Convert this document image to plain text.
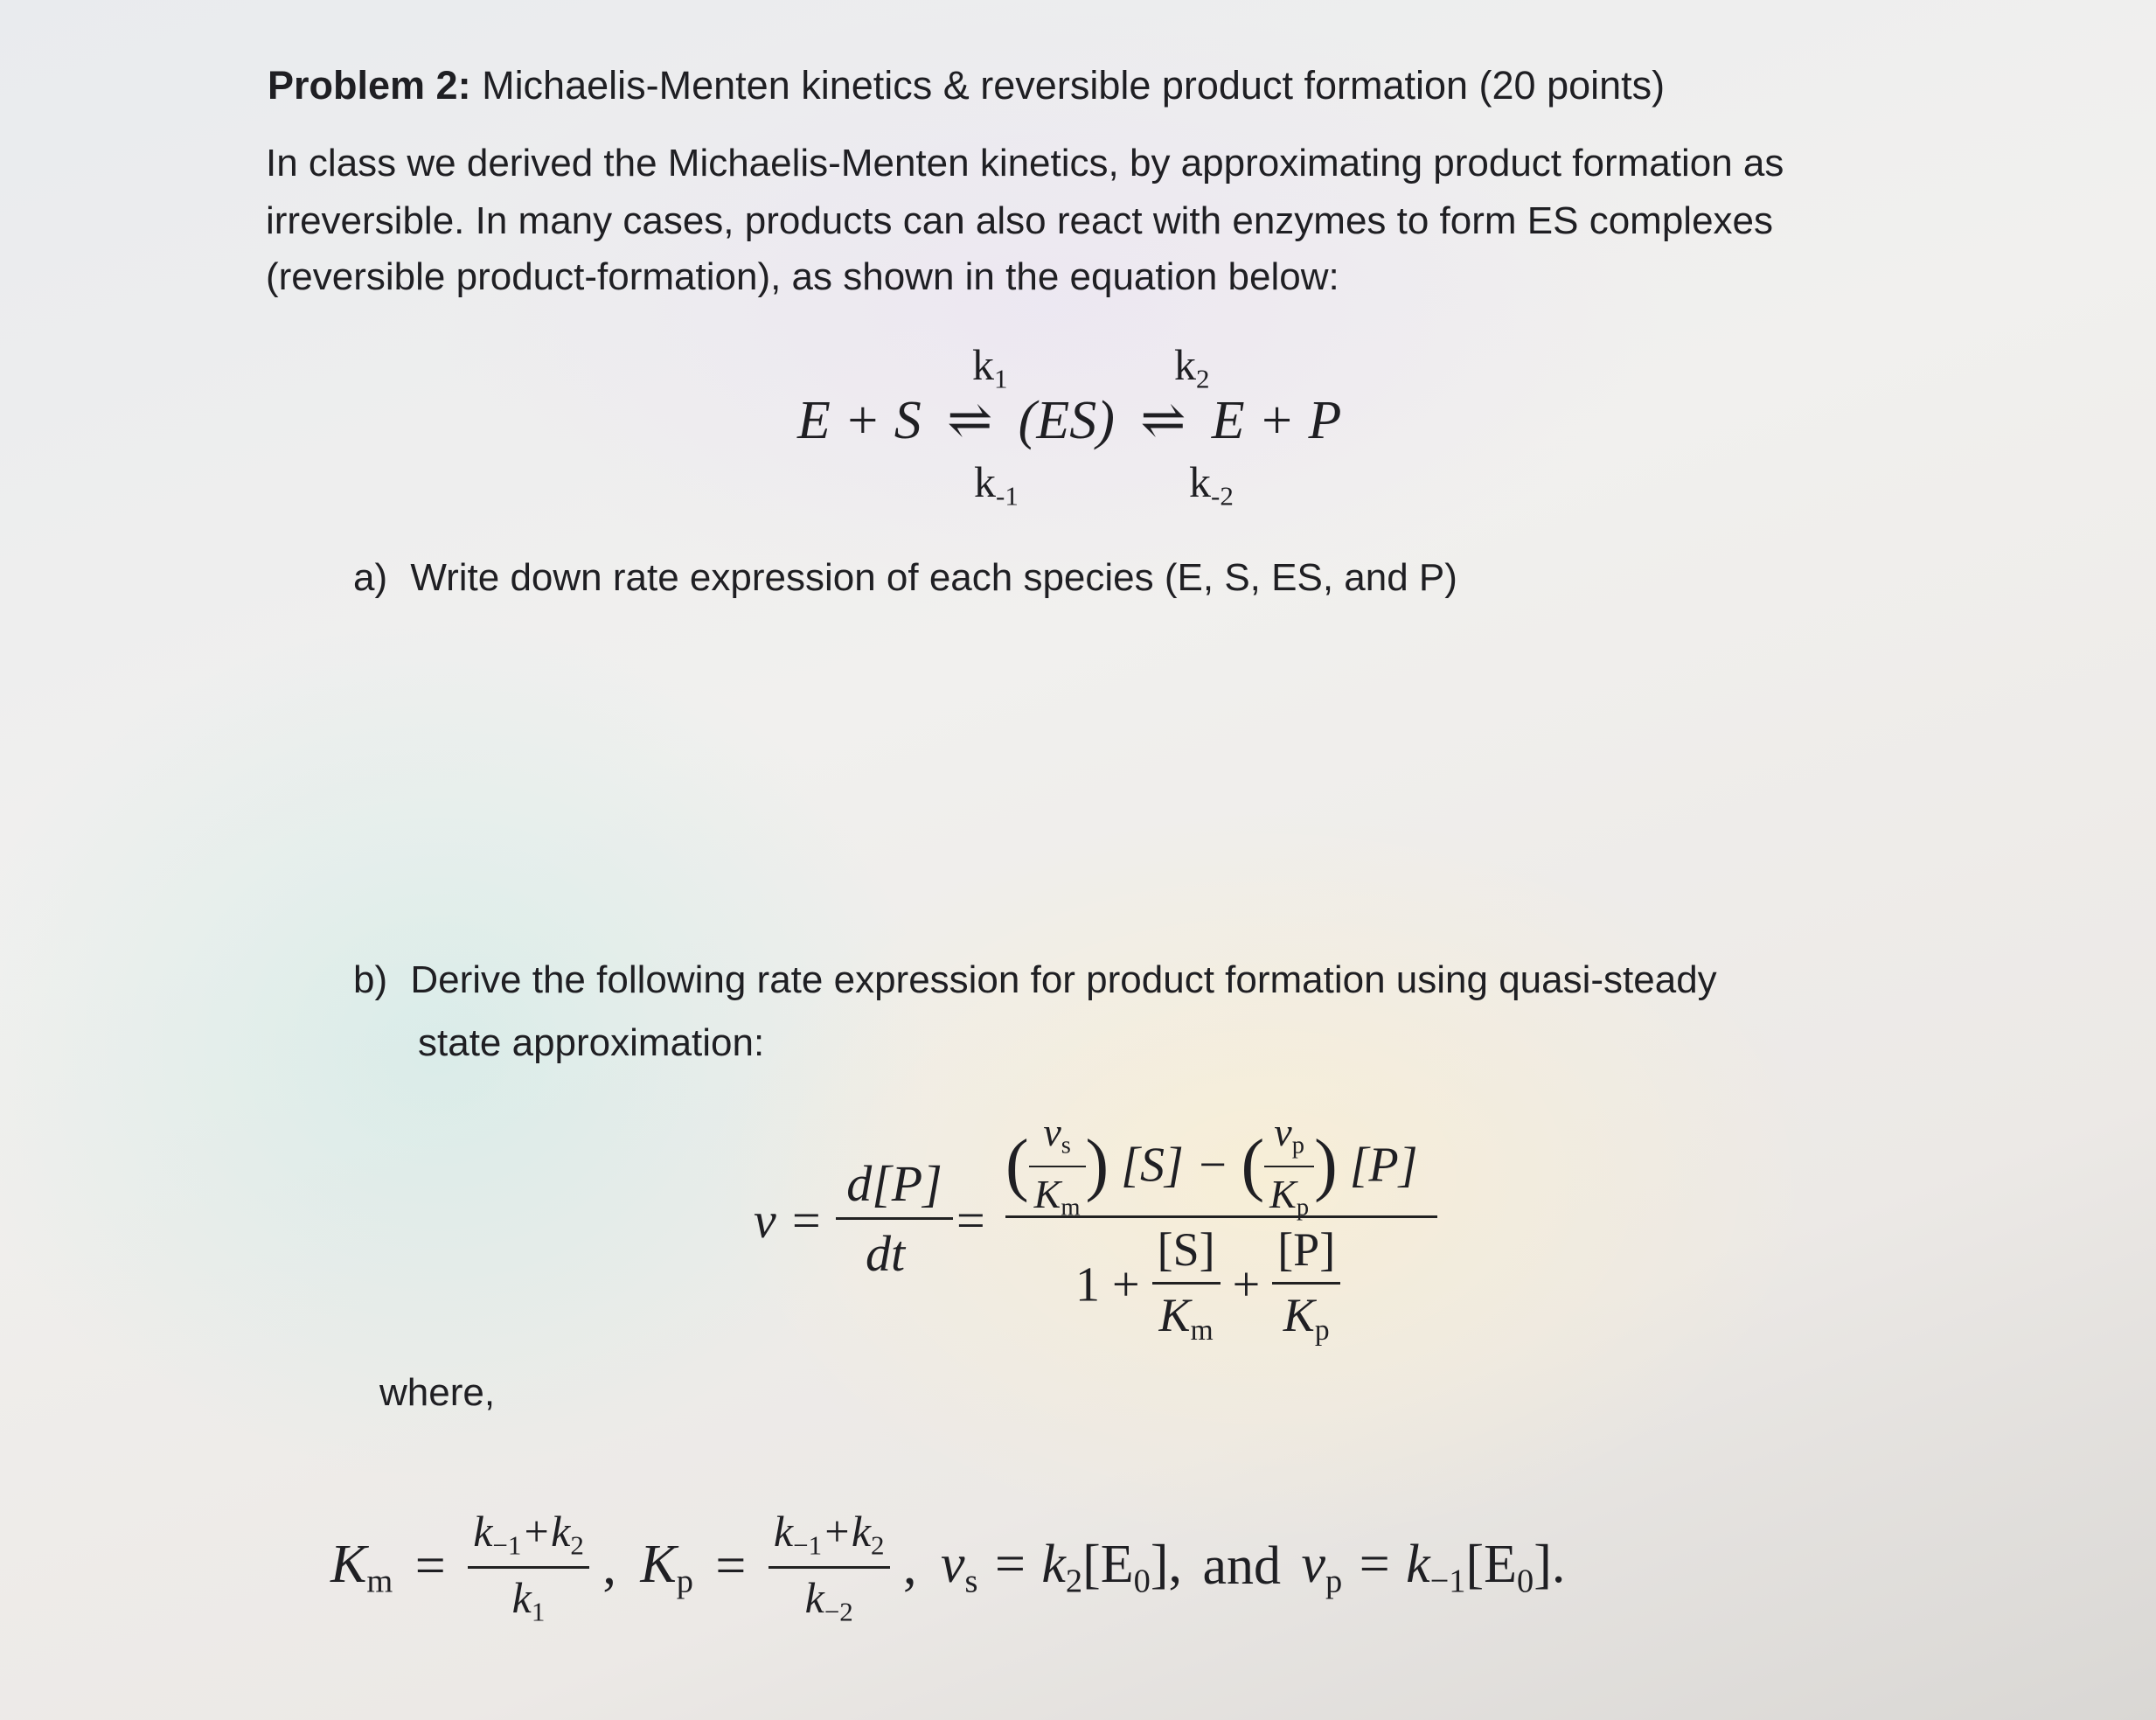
Problem 2: Michaelis-Menten kinetics & reversible product formation (20 points)
In class we derived the Michaelis-Menten kinetics, by approximating product formation as
irreversible. In many cases, products can also react with enzymes to form ES complexes
(reversible product-formation), as shown in the equation below:
$k_1$	$k_2$
E + S ⇌ (ES) ⇌ E + P
$k_{-1}$	$k_{-2}$
a) Write down rate expression of each species (E, S, ES, and P)
b) Derive the following rate expression for product formation using quasi-steady
state approximation:
v =
d[P]
dt
=
( $\frac{v_s}{K_m}$ ) [S] − ( $\frac{v_p}{K_p}$ ) [P]
$1 + \frac{[S]}{K_m} + \frac{[P]}{K_p}$
where,
$K_m = \frac{k_{-1}+k_2}{k_1}$ , $K_p = \frac{k_{-1}+k_2}{k_{-2}}$ , $v_s = k_2[E_0]$, and $v_p = k_{-1}[E_0]$.
